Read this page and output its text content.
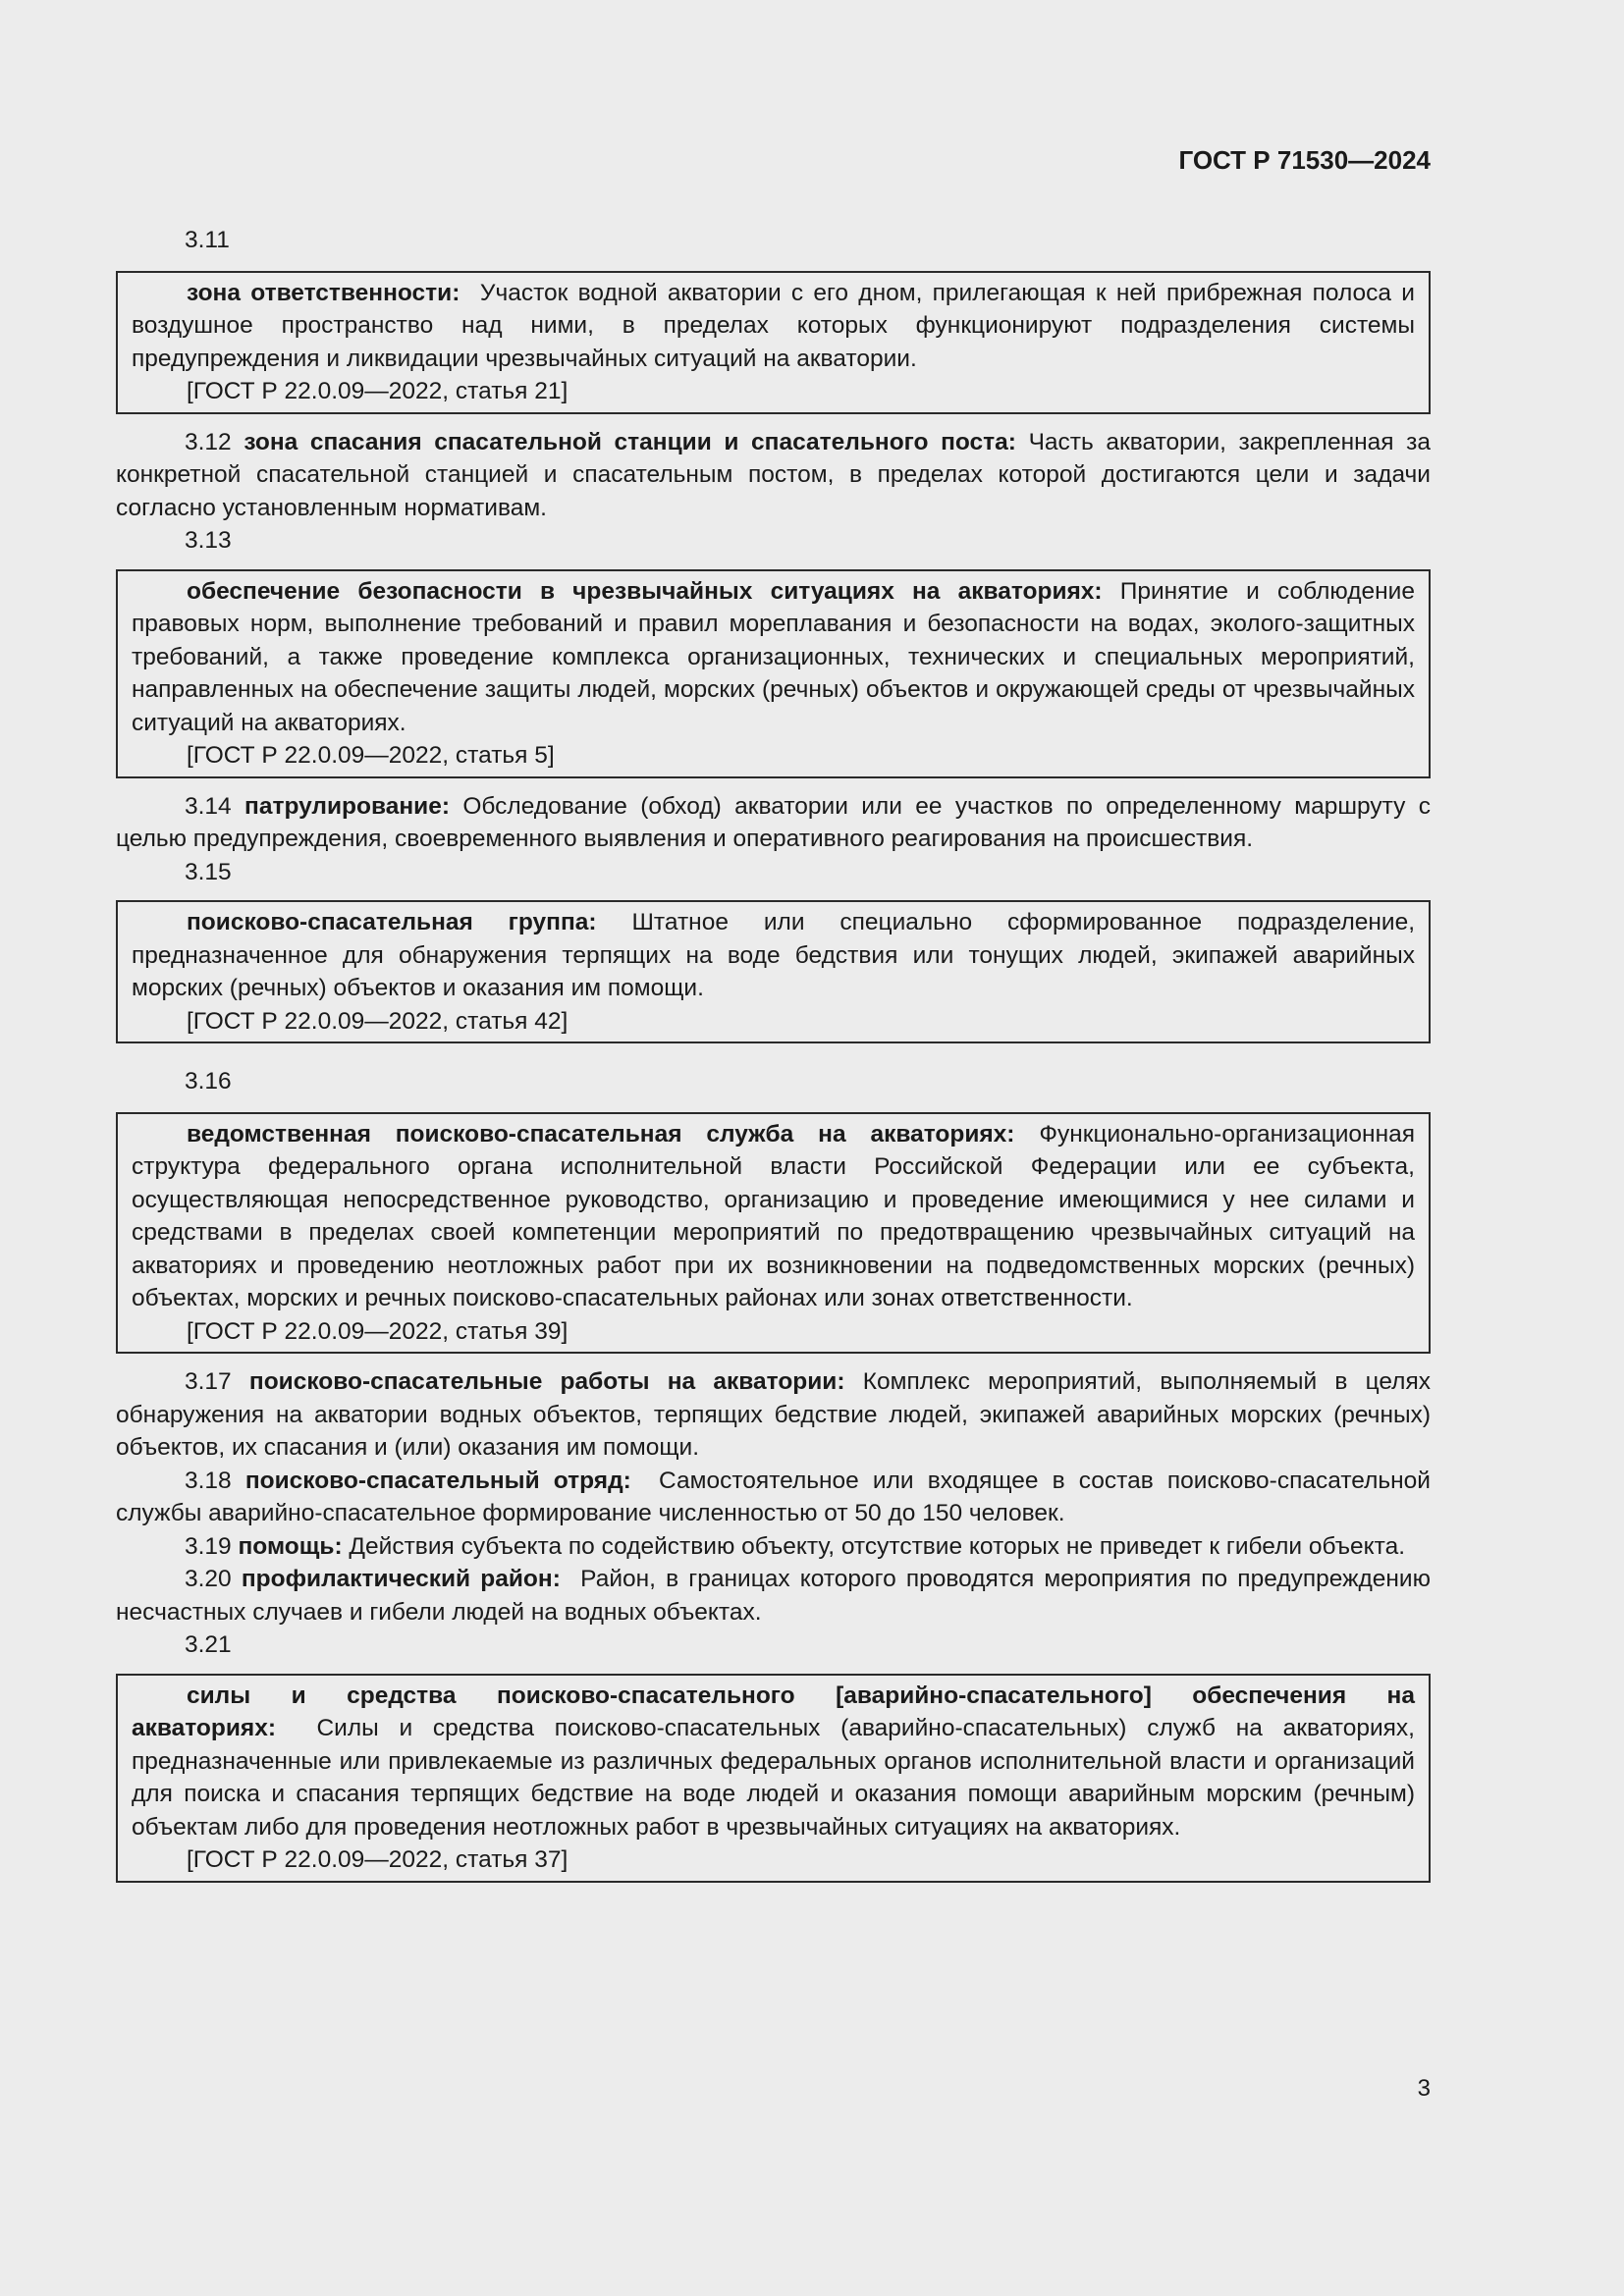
ГОСТ Р 71530—2024
3.11

зона ответственности: Участок водной акватории с его дном, прилегающая к ней прибрежная полоса и воздушное пространство над ними, в пределах которых функционируют подразделения системы предупреждения и ликвидации чрезвычайных ситуаций на акватории.

[ГОСТ Р 22.0.09—2022, статья 21]

3.12 зона спасания спасательной станции и спасательного поста: Часть акватории, закрепленная за конкретной спасательной станцией и спасательным постом, в пределах которой достигаются цели и задачи согласно установленным нормативам.

3.13

обеспечение безопасности в чрезвычайных ситуациях на акваториях: Принятие и соблюдение правовых норм, выполнение требований и правил мореплавания и безопасности на водах, эколого-защитных требований, а также проведение комплекса организационных, технических и специальных мероприятий, направленных на обеспечение защиты людей, морских (речных) объектов и окружающей среды от чрезвычайных ситуаций на акваториях.

[ГОСТ Р 22.0.09—2022, статья 5]

3.14 патрулирование: Обследование (обход) акватории или ее участков по определенному маршруту с целью предупреждения, своевременного выявления и оперативного реагирования на происшествия.

3.15

поисково-спасательная группа: Штатное или специально сформированное подразделение, предназначенное для обнаружения терпящих на воде бедствия или тонущих людей, экипажей аварийных морских (речных) объектов и оказания им помощи.

[ГОСТ Р 22.0.09—2022, статья 42]

3.16

ведомственная поисково-спасательная служба на акваториях: Функционально-организационная структура федерального органа исполнительной власти Российской Федерации или ее субъекта, осуществляющая непосредственное руководство, организацию и проведение имеющимися у нее силами и средствами в пределах своей компетенции мероприятий по предотвращению чрезвычайных ситуаций на акваториях и проведению неотложных работ при их возникновении на подведомственных морских (речных) объектах, морских и речных поисково-спасательных районах или зонах ответственности.

[ГОСТ Р 22.0.09—2022, статья 39]

3.17 поисково-спасательные работы на акватории: Комплекс мероприятий, выполняемый в целях обнаружения на акватории водных объектов, терпящих бедствие людей, экипажей аварийных морских (речных) объектов, их спасания и (или) оказания им помощи.

3.18 поисково-спасательный отряд: Самостоятельное или входящее в состав поисково-спасательной службы аварийно-спасательное формирование численностью от 50 до 150 человек.

3.19 помощь: Действия субъекта по содействию объекту, отсутствие которых не приведет к гибели объекта.

3.20 профилактический район: Район, в границах которого проводятся мероприятия по предупреждению несчастных случаев и гибели людей на водных объектах.

3.21

силы и средства поисково-спасательного [аварийно-спасательного] обеспечения на акваториях: Силы и средства поисково-спасательных (аварийно-спасательных) служб на акваториях, предназначенные или привлекаемые из различных федеральных органов исполнительной власти и организаций для поиска и спасания терпящих бедствие на воде людей и оказания помощи аварийным морским (речным) объектам либо для проведения неотложных работ в чрезвычайных ситуациях на акваториях.

[ГОСТ Р 22.0.09—2022, статья 37]

3
